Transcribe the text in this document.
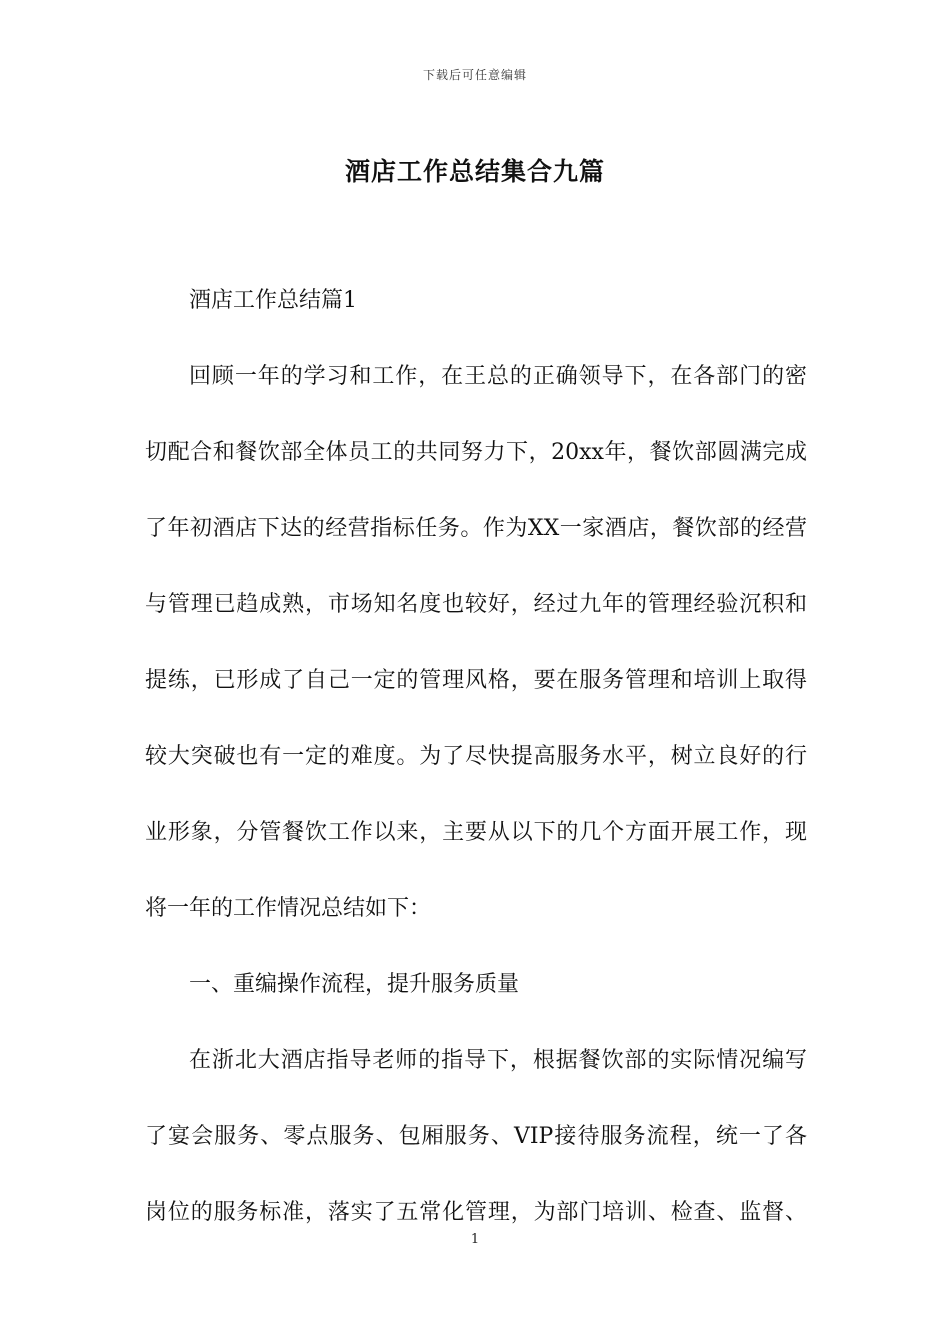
下载后可任意编辑
酒店工作总结集合九篇
酒店工作总结篇1
回顾一年的学习和工作，在王总的正确领导下，在各部门的密
切配合和餐饮部全体员工的共同努力下，20xx年，餐饮部圆满完成
了年初酒店下达的经营指标任务。作为XX一家酒店，餐饮部的经营
与管理已趋成熟，市场知名度也较好，经过九年的管理经验沉积和
提练，已形成了自己一定的管理风格，要在服务管理和培训上取得
较大突破也有一定的难度。为了尽快提高服务水平，树立良好的行
业形象，分管餐饮工作以来，主要从以下的几个方面开展工作，现
将一年的工作情况总结如下：
一、重编操作流程，提升服务质量
在浙北大酒店指导老师的指导下，根据餐饮部的实际情况编写
了宴会服务、零点服务、包厢服务、VIP接待服务流程，统一了各
岗位的服务标准，落实了五常化管理，为部门培训、检查、监督、
1
